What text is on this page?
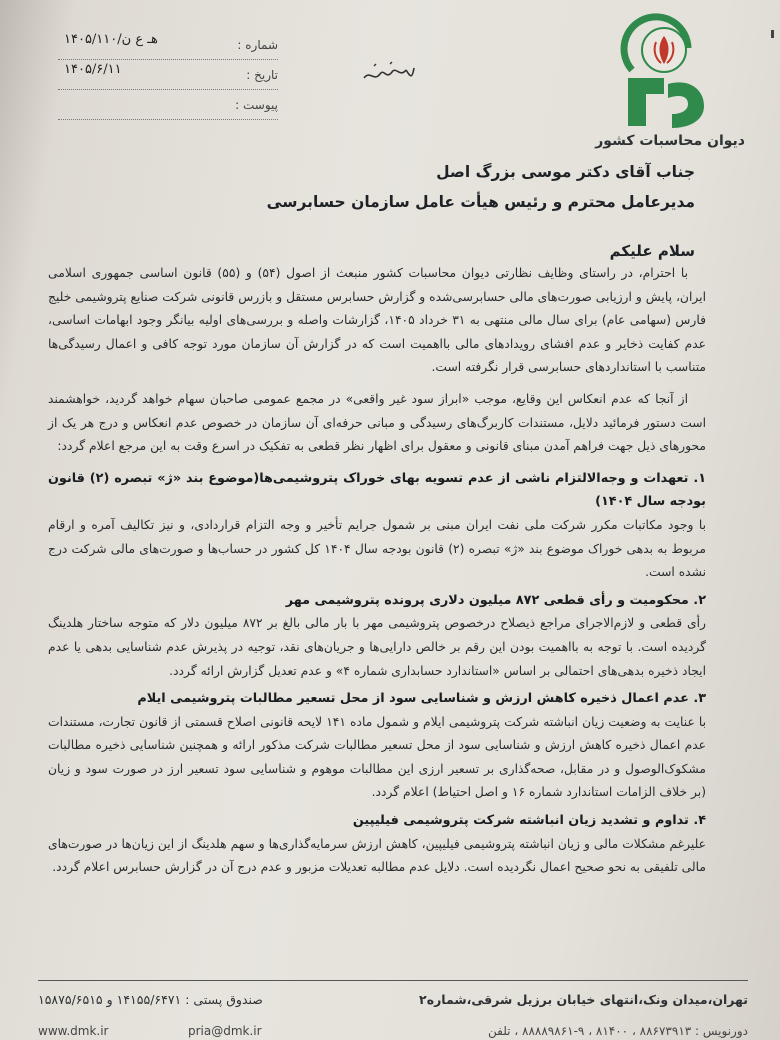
دیوان محاسبات کشور
شماره :
۱۴۰۵/۱۱۰/هـ ع ن
تاریخ :
۱۴۰۵/۶/۱۱
پیوست :
جناب آقای دکتر موسی بزرگ اصل
مدیرعامل محترم و رئیس هیأت عامل سازمان حسابرسی
سلام علیکم

با احترام، در راستای وظایف نظارتی دیوان محاسبات کشور منبعث از اصول (۵۴) و (۵۵) قانون اساسی جمهوری اسلامی ایران، پایش و ارزیابی صورت‌های مالی حسابرسی‌شده و گزارش حسابرس مستقل و بازرس قانونی شرکت صنایع پتروشیمی خلیج فارس (سهامی عام) برای سال مالی منتهی به ۳۱ خرداد ۱۴۰۵، گزارشات واصله و بررسی‌های اولیه بیانگر وجود ابهامات اساسی، عدم کفایت ذخایر و عدم افشای رویدادهای مالی بااهمیت است که در گزارش آن سازمان مورد توجه کافی و اعمال رسیدگی‌ها متناسب با استانداردهای حسابرسی قرار نگرفته است.

از آنجا که عدم انعکاس این وقایع، موجب «ابراز سود غیر واقعی» در مجمع عمومی صاحبان سهام خواهد گردید، خواهشمند است دستور فرمائید دلایل، مستندات کاربرگ‌های رسیدگی و مبانی حرفه‌ای آن سازمان در خصوص عدم انعکاس و درج هر یک از محورهای ذیل جهت فراهم آمدن مبنای قانونی و معقول برای اظهار نظر قطعی به تفکیک در اسرع وقت به این مرجع اعلام گردد:

۱. تعهدات و وجه‌الالتزام ناشی از عدم تسویه بهای خوراک پتروشیمی‌ها(موضوع بند «ژ» تبصره (۲) قانون بودجه سال ۱۴۰۴)

با وجود مکاتبات مکرر شرکت ملی نفت ایران مبنی بر شمول جرایم تأخیر و وجه التزام قراردادی، و نیز تکالیف آمره و ارقام مربوط به بدهی خوراک موضوع بند «ژ» تبصره (۲) قانون بودجه سال ۱۴۰۴ کل کشور در حساب‌ها و صورت‌های مالی شرکت درج نشده است.

۲. محکومیت و رأی قطعی ۸۷۲ میلیون دلاری پرونده پتروشیمی مهر

رأی قطعی و لازم‌الاجرای مراجع ذیصلاح درخصوص پتروشیمی مهر با بار مالی بالغ بر ۸۷۲ میلیون دلار که متوجه ساختار هلدینگ گردیده است. با توجه به بااهمیت بودن این رقم بر خالص دارایی‌ها و جریان‌های نقد، توجیه در پذیرش عدم شناسایی بدهی یا عدم ایجاد ذخیره بدهی‌های احتمالی بر اساس «استاندارد حسابداری شماره ۴» و عدم تعدیل گزارش ارائه گردد.

۳. عدم اعمال ذخیره کاهش ارزش و شناسایی سود از محل تسعیر مطالبات پتروشیمی ایلام

با عنایت به وضعیت زیان انباشته شرکت پتروشیمی ایلام و شمول ماده ۱۴۱ لایحه قانونی اصلاح قسمتی از قانون تجارت، مستندات عدم اعمال ذخیره کاهش ارزش و شناسایی سود از محل تسعیر مطالبات شرکت مذکور ارائه و همچنین شناسایی ذخیره مطالبات مشکوک‌الوصول و در مقابل، صحه‌گذاری بر تسعیر ارزی این مطالبات موهوم و شناسایی سود تسعیر ارز در صورت سود و زیان (بر خلاف الزامات استاندارد شماره ۱۶ و اصل احتیاط) اعلام گردد.

۴. تداوم و تشدید زیان انباشته شرکت پتروشیمی فیلیپین

علیرغم مشکلات مالی و زیان انباشته پتروشیمی فیلیپین، کاهش ارزش سرمایه‌گذاری‌ها و سهم هلدینگ از این زیان‌ها در صورت‌های مالی تلفیقی به نحو صحیح اعمال نگردیده است. دلایل عدم مطالبه تعدیلات مزبور و عدم درج آن در گزارش حسابرس اعلام گردد.

تهران،میدان ونک،انتهای خیابان برزیل شرقی،شماره۲
صندوق پستی : ۱۴۱۵۵/۶۴۷۱ و ۱۵۸۷۵/۶۵۱۵
www.dmk.ir	pria@dmk.ir	دورنویس : ۸۸۶۷۳۹۱۳ ، ۸۱۴۰۰ ، ۹-۸۸۸۸۹۸۶۱ ، تلفن
